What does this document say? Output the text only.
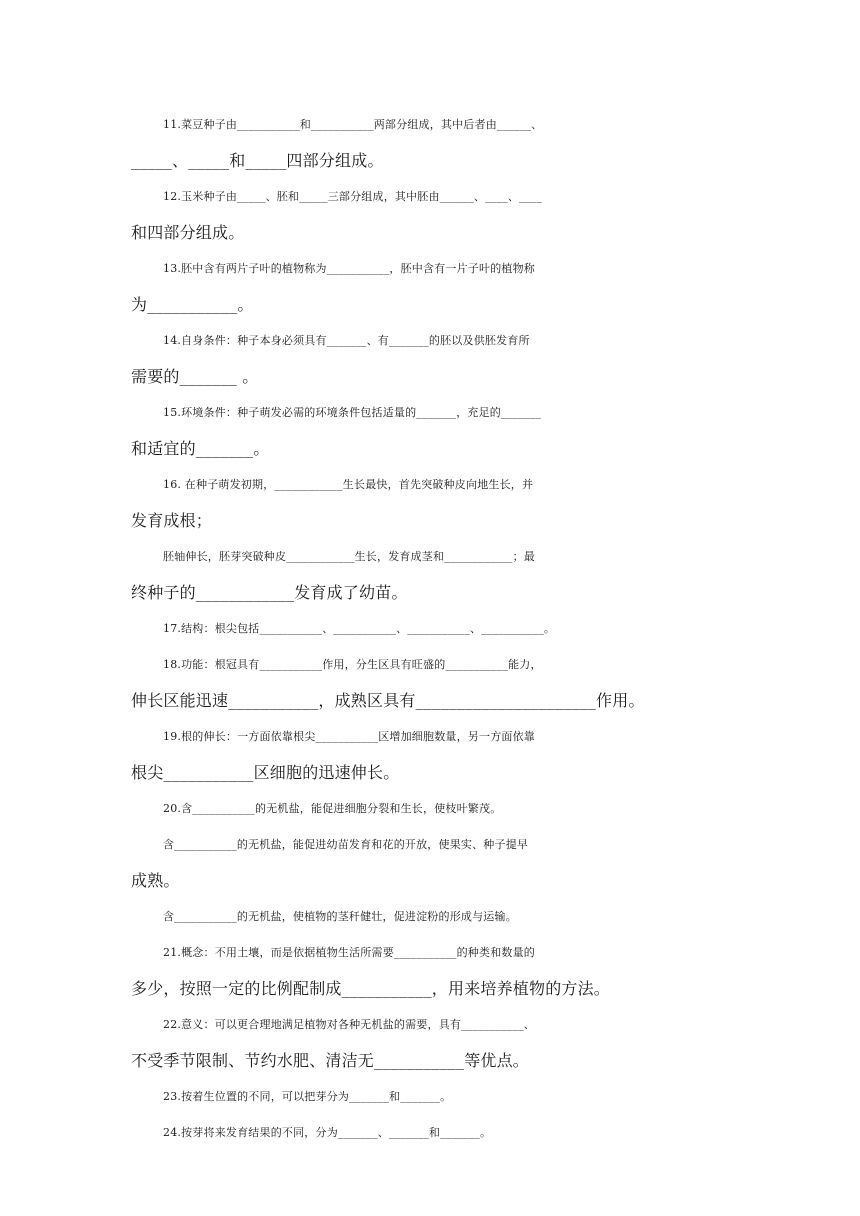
11.菜豆种子由___________和___________两部分组成，其中后者由______、
_____、_____和_____四部分组成。
12.玉米种子由_____、胚和_____三部分组成，其中胚由______、____、____
和四部分组成。
13.胚中含有两片子叶的植物称为___________，胚中含有一片子叶的植物称
为___________。
14.自身条件：种子本身必须具有_______、有_______的胚以及供胚发育所
需要的_______ 。
15.环境条件：种子萌发必需的环境条件包括适量的_______，充足的_______
和适宜的_______。
16. 在种子萌发初期，____________生长最快，首先突破种皮向地生长，并
发育成根；
胚轴伸长，胚芽突破种皮____________生长，发育成茎和____________；最
终种子的____________发育成了幼苗。
17.结构：根尖包括___________、___________、___________、___________。
18.功能：根冠具有___________作用，分生区具有旺盛的___________能力，
伸长区能迅速___________，成熟区具有______________________作用。
19.根的伸长：一方面依靠根尖___________区增加细胞数量，另一方面依靠
根尖___________区细胞的迅速伸长。
20.含___________的无机盐，能促进细胞分裂和生长，使枝叶繁茂。
含___________的无机盐，能促进幼苗发育和花的开放，使果实、种子提早
成熟。
含___________的无机盐，使植物的茎秆健壮，促进淀粉的形成与运输。
21.概念：不用土壤，而是依据植物生活所需要___________的种类和数量的
多少，按照一定的比例配制成___________，用来培养植物的方法。
22.意义：可以更合理地满足植物对各种无机盐的需要，具有___________、
不受季节限制、节约水肥、清洁无___________等优点。
23.按着生位置的不同，可以把芽分为_______和_______。
24.按芽将来发育结果的不同，分为_______、_______和_______。
